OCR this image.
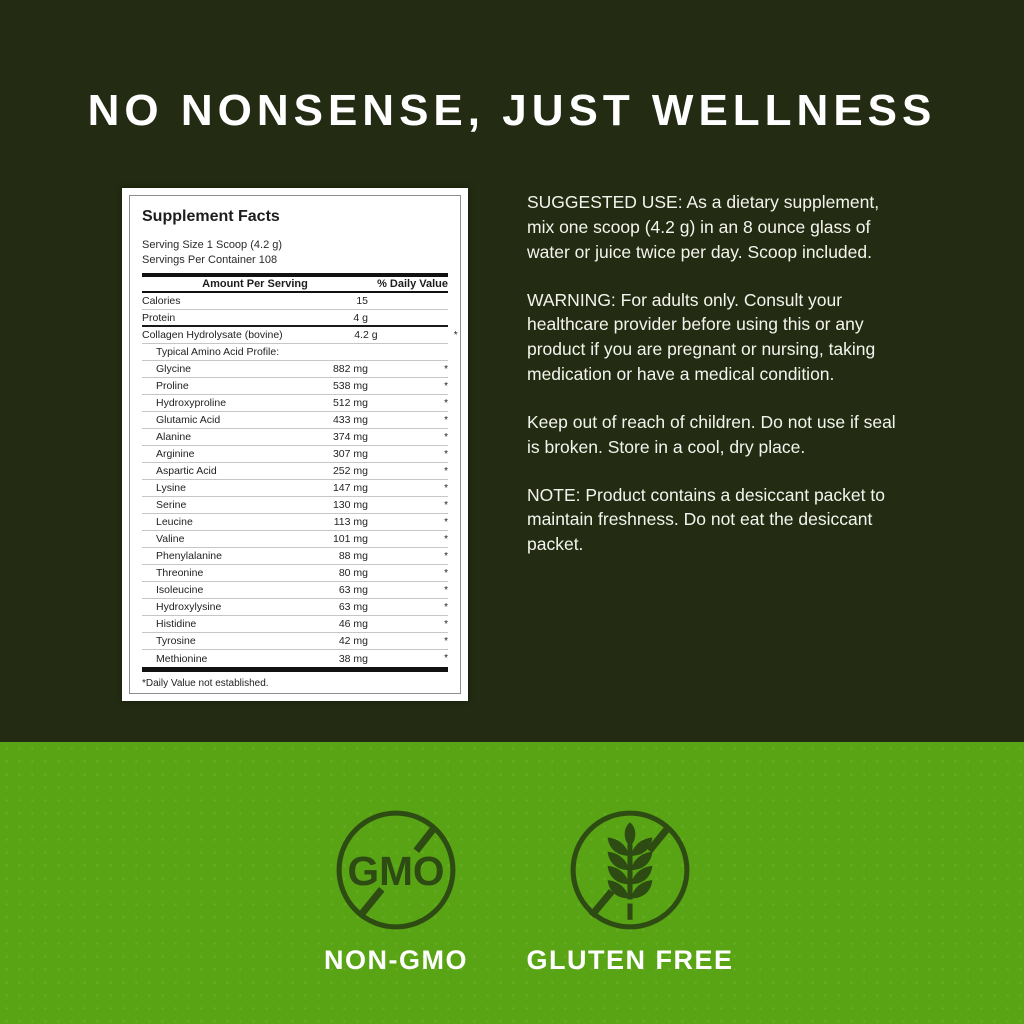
NO NONSENSE, JUST WELLNESS
Supplement Facts
Serving Size 1 Scoop (4.2 g)
Servings Per Container 108
Amount Per Serving	% Daily Value
Calories	15
Protein	4 g
Collagen Hydrolysate (bovine)	4.2 g	*
Typical Amino Acid Profile:
Glycine	882 mg	*
Proline	538 mg	*
Hydroxyproline	512 mg	*
Glutamic Acid	433 mg	*
Alanine	374 mg	*
Arginine	307 mg	*
Aspartic Acid	252 mg	*
Lysine	147 mg	*
Serine	130 mg	*
Leucine	113 mg	*
Valine	101 mg	*
Phenylalanine	88 mg	*
Threonine	80 mg	*
Isoleucine	63 mg	*
Hydroxylysine	63 mg	*
Histidine	46 mg	*
Tyrosine	42 mg	*
Methionine	38 mg	*
*Daily Value not established.

SUGGESTED USE: As a dietary supplement, mix one scoop (4.2 g) in an 8 ounce glass of water or juice twice per day. Scoop included.

WARNING: For adults only. Consult your healthcare provider before using this or any product if you are pregnant or nursing, taking medication or have a medical condition.

Keep out of reach of children. Do not use if seal is broken. Store in a cool, dry place.

NOTE: Product contains a desiccant packet to maintain freshness. Do not eat the desiccant packet.

GMO
NON-GMO	GLUTEN FREE
